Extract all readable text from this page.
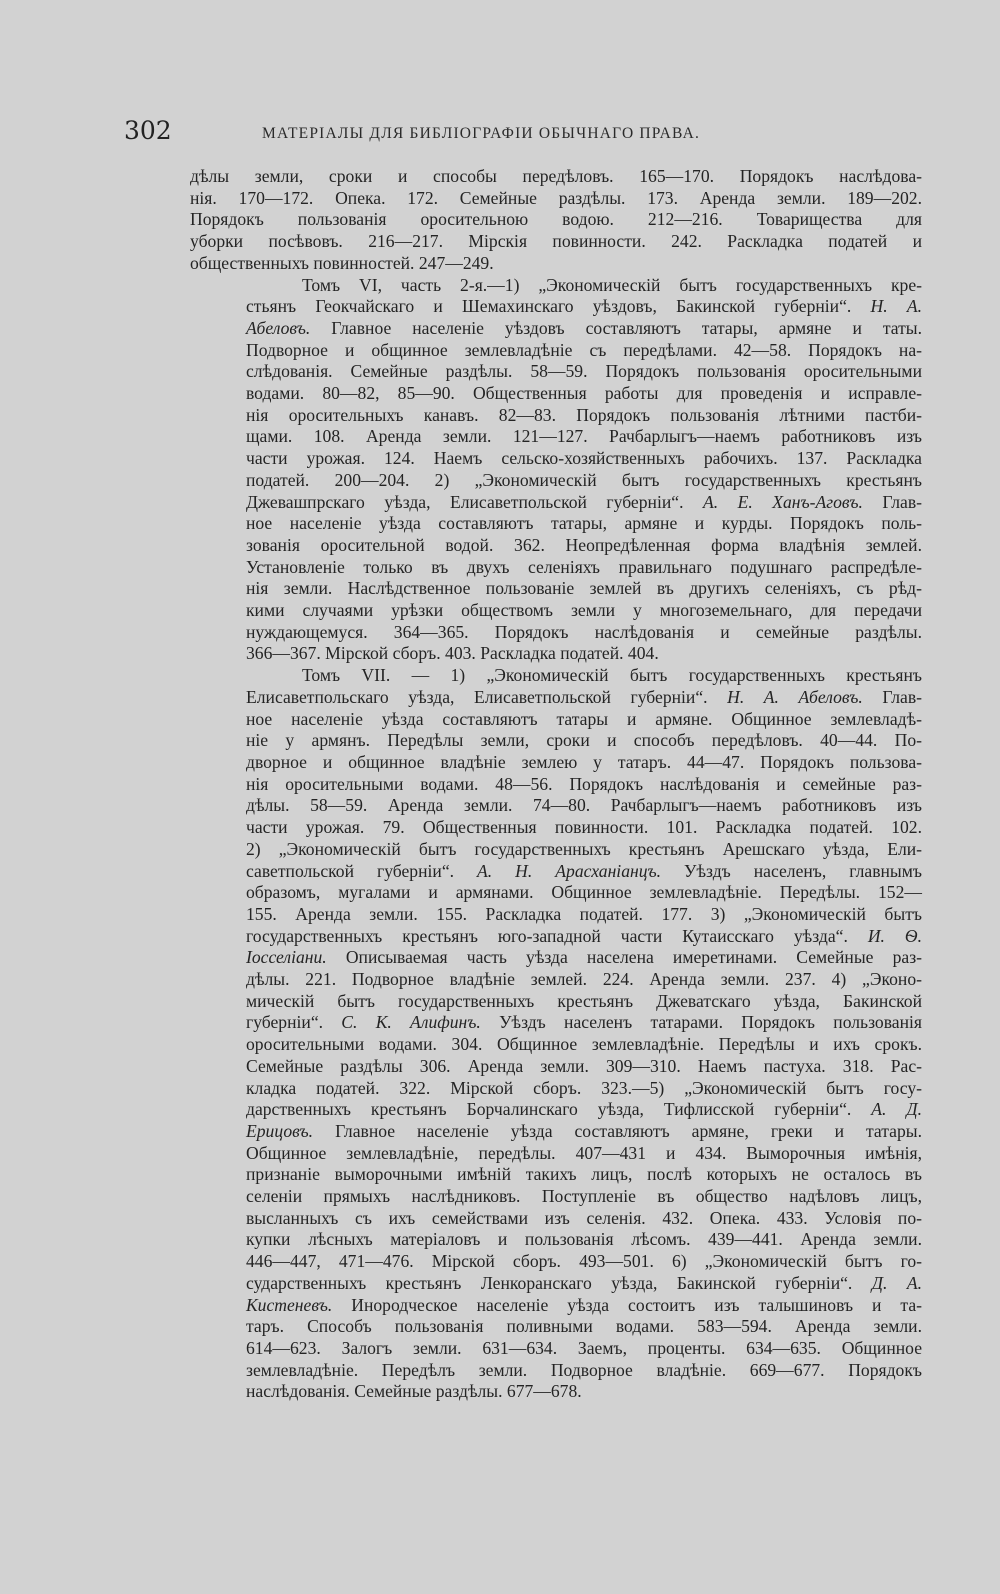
302	МАТЕРІАЛЫ ДЛЯ БИБЛІОГРАФІИ ОБЫЧНАГО ПРАВА.
дѣлы земли, сроки и способы передѣловъ. 165—170. Порядокъ наслѣдова-
нія. 170—172. Опека. 172. Семейные раздѣлы. 173. Аренда земли. 189—202.
Порядокъ пользованія оросительною водою. 212—216. Товарищества для
уборки посѣвовъ. 216—217. Мірскія повинности. 242. Раскладка податей и
общественныхъ повинностей. 247—249.
Томъ VI, часть 2-я.—1) „Экономическій бытъ государственныхъ кре-
стьянъ Геокчайскаго и Шемахинскаго уѣздовъ, Бакинской губерніи“. Н. А.
Абеловъ. Главное населеніе уѣздовъ составляютъ татары, армяне и таты.
Подворное и общинное землевладѣніе съ передѣлами. 42—58. Порядокъ на-
слѣдованія. Семейные раздѣлы. 58—59. Порядокъ пользованія оросительными
водами. 80—82, 85—90. Общественныя работы для проведенія и исправле-
нія оросительныхъ канавъ. 82—83. Порядокъ пользованія лѣтними пастби-
щами. 108. Аренда земли. 121—127. Рачбарлыгъ—наемъ работниковъ изъ
части урожая. 124. Наемъ сельско-хозяйственныхъ рабочихъ. 137. Раскладка
податей. 200—204. 2) „Экономическій бытъ государственныхъ крестьянъ
Джевашпрскаго уѣзда, Елисаветпольской губерніи“. А. Е. Ханъ-Аговъ. Глав-
ное населеніе уѣзда составляютъ татары, армяне и курды. Порядокъ поль-
зованія оросительной водой. 362. Неопредѣленная форма владѣнія землей.
Установленіе только въ двухъ селеніяхъ правильнаго подушнаго распредѣле-
нія земли. Наслѣдственное пользованіе землей въ другихъ селеніяхъ, съ рѣд-
кими случаями урѣзки обществомъ земли у многоземельнаго, для передачи
нуждающемуся. 364—365. Порядокъ наслѣдованія и семейные раздѣлы.
366—367. Мірской сборъ. 403. Раскладка податей. 404.
Томъ VII. — 1) „Экономическій бытъ государственныхъ крестьянъ
Елисаветпольскаго уѣзда, Елисаветпольской губерніи“. Н. А. Абеловъ. Глав-
ное населеніе уѣзда составляютъ татары и армяне. Общинное землевладѣ-
ніе у армянъ. Передѣлы земли, сроки и способъ передѣловъ. 40—44. По-
дворное и общинное владѣніе землею у татаръ. 44—47. Порядокъ пользова-
нія оросительными водами. 48—56. Порядокъ наслѣдованія и семейные раз-
дѣлы. 58—59. Аренда земли. 74—80. Рачбарлыгъ—наемъ работниковъ изъ
части урожая. 79. Общественныя повинности. 101. Раскладка податей. 102.
2) „Экономическій бытъ государственныхъ крестьянъ Арешскаго уѣзда, Ели-
саветпольской губерніи“. А. Н. Арасханіанцъ. Уѣздъ населенъ, главнымъ
образомъ, мугалами и армянами. Общинное землевладѣніе. Передѣлы. 152—
155. Аренда земли. 155. Раскладка податей. 177. 3) „Экономическій бытъ
государственныхъ крестьянъ юго-западной части Кутаисскаго уѣзда“. И. Ѳ.
Іосселіани. Описываемая часть уѣзда населена имеретинами. Семейные раз-
дѣлы. 221. Подворное владѣніе землей. 224. Аренда земли. 237. 4) „Эконо-
мическій бытъ государственныхъ крестьянъ Джеватскаго уѣзда, Бакинской
губерніи“. С. К. Алифинъ. Уѣздъ населенъ татарами. Порядокъ пользованія
оросительными водами. 304. Общинное землевладѣніе. Передѣлы и ихъ срокъ.
Семейные раздѣлы 306. Аренда земли. 309—310. Наемъ пастуха. 318. Рас-
кладка податей. 322. Мірской сборъ. 323.—5) „Экономическій бытъ госу-
дарственныхъ крестьянъ Борчалинскаго уѣзда, Тифлисской губерніи“. А. Д.
Ерицовъ. Главное населеніе уѣзда составляютъ армяне, греки и татары.
Общинное землевладѣніе, передѣлы. 407—431 и 434. Выморочныя имѣнія,
признаніе выморочными имѣній такихъ лицъ, послѣ которыхъ не осталось въ
селеніи прямыхъ наслѣдниковъ. Поступленіе въ общество надѣловъ лицъ,
высланныхъ съ ихъ семействами изъ селенія. 432. Опека. 433. Условія по-
купки лѣсныхъ матеріаловъ и пользованія лѣсомъ. 439—441. Аренда земли.
446—447, 471—476. Мірской сборъ. 493—501. 6) „Экономическій бытъ го-
сударственныхъ крестьянъ Ленкоранскаго уѣзда, Бакинской губерніи“. Д. А.
Кистеневъ. Инородческое населеніе уѣзда состоитъ изъ талышиновъ и та-
таръ. Способъ пользованія поливными водами. 583—594. Аренда земли.
614—623. Залогъ земли. 631—634. Заемъ, проценты. 634—635. Общинное
землевладѣніе. Передѣлъ земли. Подворное владѣніе. 669—677. Порядокъ
наслѣдованія. Семейные раздѣлы. 677—678.
